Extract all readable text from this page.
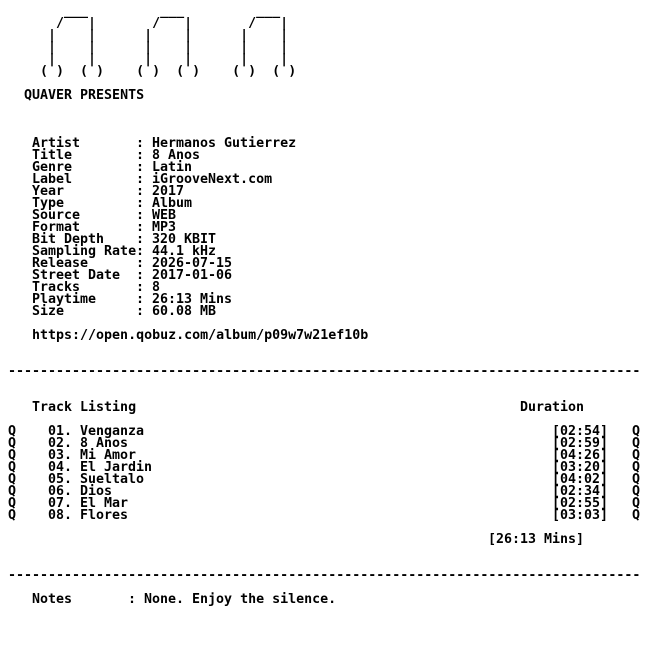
___         ___         ___
/   |       /   |       /   |
|    |      |    |      |    |
|    |      |    |      |    |
|    |      |    |      |    |
( )  ( )    ( )  ( )    ( )  ( )
QUAVER PRESENTS
Artist	: Hermanos Gutierrez
Title	: 8 Anos
Genre	: Latin
Label	: iGrooveNext.com
Year	: 2017
Type	: Album
Source	: WEB
Format	: MP3
Bit Depth : 320 KBIT
Sampling Rate : 44.1 kHz
Release	: 2026-07-15
Street Date : 2017-01-06
Tracks	: 8
Playtime	: 26:13 Mins
Size	: 60.08 MB
https://open.qobuz.com/album/p09w7w21ef10b
-------------------------------------------------------------------------------
Track Listing	Duration
Q 01. Venganza	[02:54] Q
Q 02. 8 Anos	[02:59] Q
Q 03. Mi Amor	[04:26] Q
Q 04. El Jardin	[03:20] Q
Q 05. Sueltalo	[04:02] Q
Q 06. Dios	[02:34] Q
Q 07. El Mar	[02:55] Q
Q 08. Flores	[03:03] Q
[26:13 Mins]
-------------------------------------------------------------------------------
Notes	: None. Enjoy the silence.
